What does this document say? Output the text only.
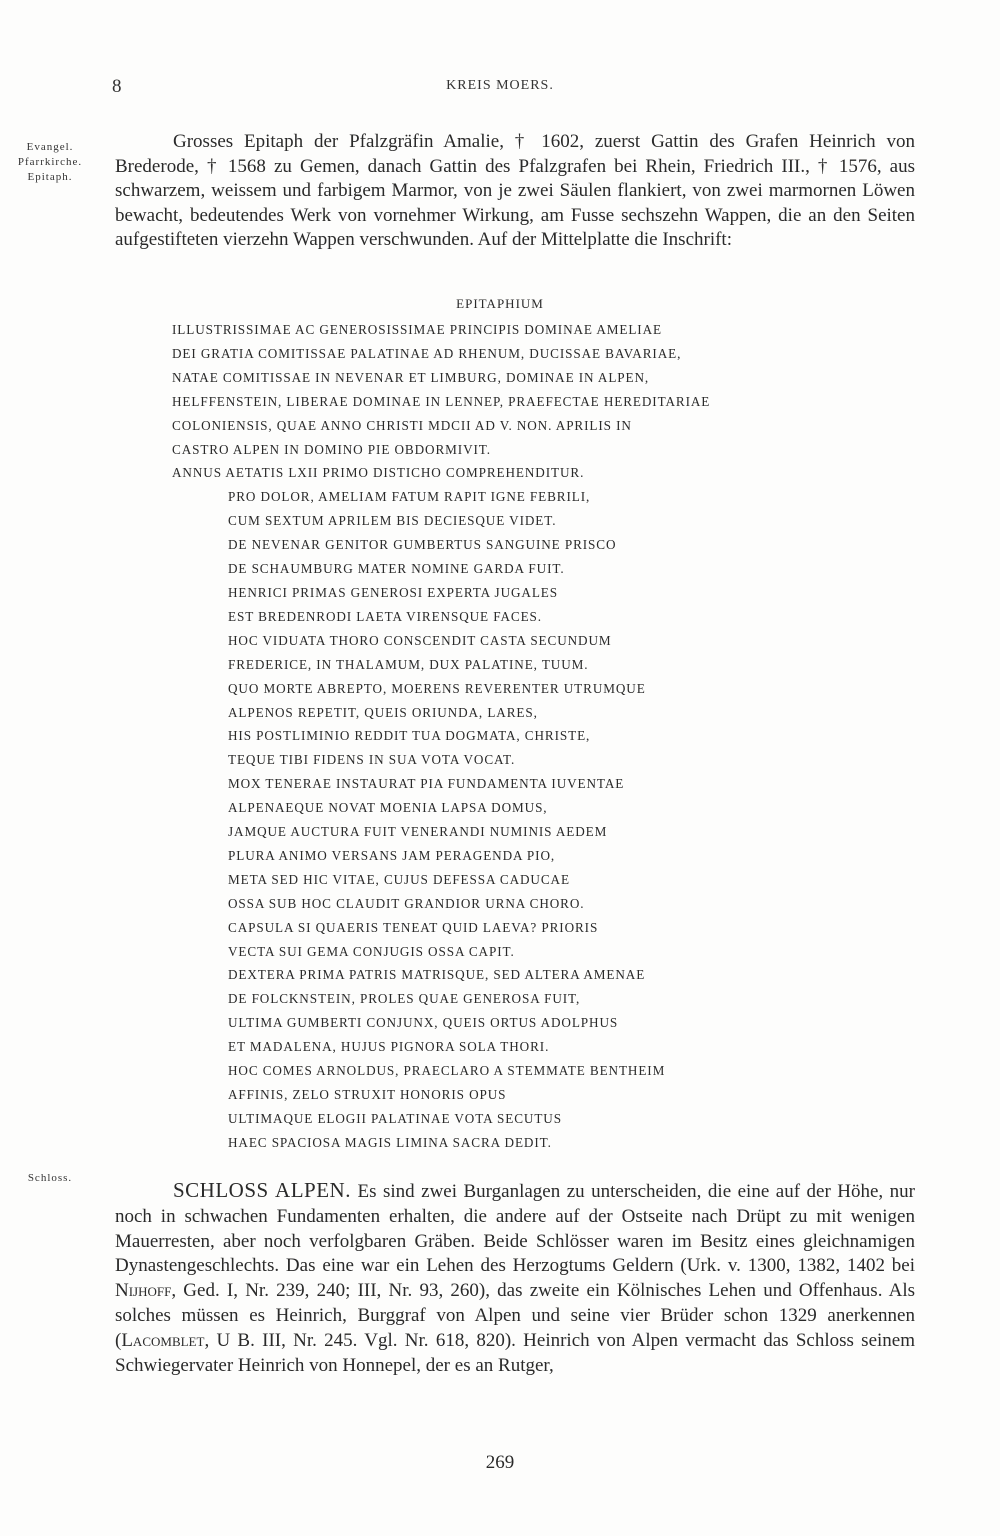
8	KREIS MOERS.
Evangel. Pfarrkirche. Epitaph.
Grosses Epitaph der Pfalzgräfin Amalie, † 1602, zuerst Gattin des Grafen Heinrich von Brederode, † 1568 zu Gemen, danach Gattin des Pfalzgrafen bei Rhein, Friedrich III., † 1576, aus schwarzem, weissem und farbigem Marmor, von je zwei Säulen flankiert, von zwei marmornen Löwen bewacht, bedeutendes Werk von vornehmer Wirkung, am Fusse sechszehn Wappen, die an den Seiten aufgestifteten vierzehn Wappen verschwunden. Auf der Mittelplatte die Inschrift:
EPITAPHIUM
ILLUSTRISSIMAE AC GENEROSISSIMAE PRINCIPIS DOMINAE AMELIAE
DEI GRATIA COMITISSAE PALATINAE AD RHENUM, DUCISSAE BAVARIAE,
NATAE COMITISSAE IN NEVENAR ET LIMBURG, DOMINAE IN ALPEN,
HELFFENSTEIN, LIBERAE DOMINAE IN LENNEP, PRAEFECTAE HEREDITARIAE
COLONIENSIS, QUAE ANNO CHRISTI MDCII AD V. NON. APRILIS IN
CASTRO ALPEN IN DOMINO PIE OBDORMIVIT.
ANNUS AETATIS LXII PRIMO DISTICHO COMPREHENDITUR.
PRO DOLOR, AMELIAM FATUM RAPIT IGNE FEBRILI,
CUM SEXTUM APRILEM BIS DECIESQUE VIDET.
DE NEVENAR GENITOR GUMBERTUS SANGUINE PRISCO
DE SCHAUMBURG MATER NOMINE GARDA FUIT.
HENRICI PRIMAS GENEROSI EXPERTA JUGALES
EST BREDENRODI LAETA VIRENSQUE FACES.
HOC VIDUATA THORO CONSCENDIT CASTA SECUNDUM
FREDERICE, IN THALAMUM, DUX PALATINE, TUUM.
QUO MORTE ABREPTO, MOERENS REVERENTER UTRUMQUE
ALPENOS REPETIT, QUEIS ORIUNDA, LARES,
HIS POSTLIMINIO REDDIT TUA DOGMATA, CHRISTE,
TEQUE TIBI FIDENS IN SUA VOTA VOCAT.
MOX TENERAE INSTAURAT PIA FUNDAMENTA IUVENTAE
ALPENAEQUE NOVAT MOENIA LAPSA DOMUS,
JAMQUE AUCTURA FUIT VENERANDI NUMINIS AEDEM
PLURA ANIMO VERSANS JAM PERAGENDA PIO,
META SED HIC VITAE, CUJUS DEFESSA CADUCAE
OSSA SUB HOC CLAUDIT GRANDIOR URNA CHORO.
CAPSULA SI QUAERIS TENEAT QUID LAEVA? PRIORIS
VECTA SUI GEMA CONJUGIS OSSA CAPIT.
DEXTERA PRIMA PATRIS MATRISQUE, SED ALTERA AMENAE
DE FOLCKNSTEIN, PROLES QUAE GENEROSA FUIT,
ULTIMA GUMBERTI CONJUNX, QUEIS ORTUS ADOLPHUS
ET MADALENA, HUJUS PIGNORA SOLA THORI.
HOC COMES ARNOLDUS, PRAECLARO A STEMMATE BENTHEIM
AFFINIS, ZELO STRUXIT HONORIS OPUS
ULTIMAQUE ELOGII PALATINAE VOTA SECUTUS
HAEC SPACIOSA MAGIS LIMINA SACRA DEDIT.
Schloss.	SCHLOSS ALPEN. Es sind zwei Burganlagen zu unterscheiden, die eine auf der Höhe, nur noch in schwachen Fundamenten erhalten, die andere auf der Ostseite nach Drüpt zu mit wenigen Mauerresten, aber noch verfolgbaren Gräben. Beide Schlösser waren im Besitz eines gleichnamigen Dynastengeschlechts. Das eine war ein Lehen des Herzogtums Geldern (Urk. v. 1300, 1382, 1402 bei Nijhoff, Ged. I, Nr. 239, 240; III, Nr. 93, 260), das zweite ein Kölnisches Lehen und Offenhaus. Als solches müssen es Heinrich, Burggraf von Alpen und seine vier Brüder schon 1329 anerkennen (Lacomblet, U B. III, Nr. 245. Vgl. Nr. 618, 820). Heinrich von Alpen vermacht das Schloss seinem Schwiegervater Heinrich von Honnepel, der es an Rutger,
269
